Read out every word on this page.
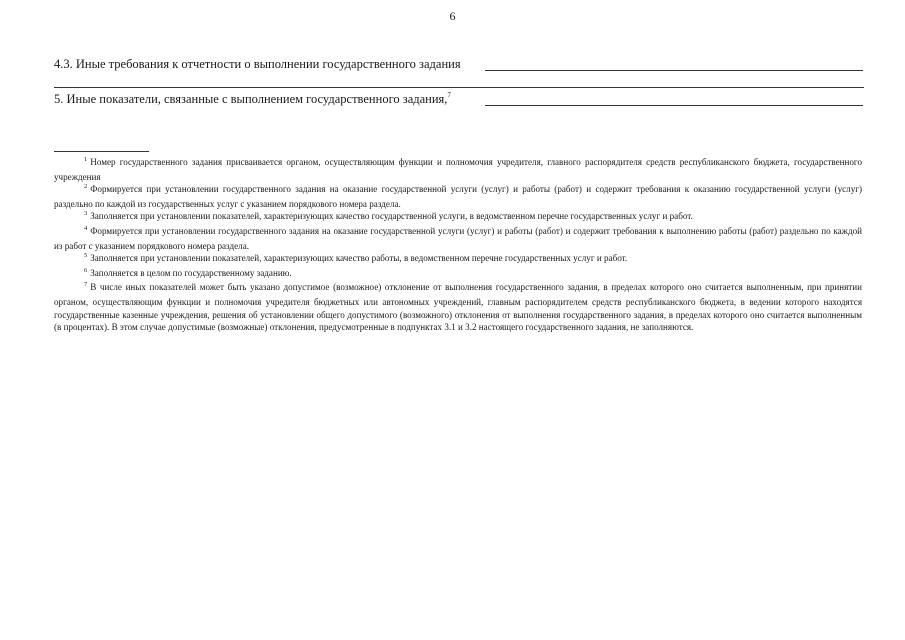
6
4.3. Иные требования к отчетности о выполнении государственного задания
5. Иные показатели, связанные с выполнением государственного задания,$^7$

$^1$ Номер государственного задания присваивается органом, осуществляющим функции и полномочия учредителя, главного распорядителя средств республиканского бюджета, государственного учреждения

$^2$ Формируется при установлении государственного задания на оказание государственной услуги (услуг) и работы (работ) и содержит требования к оказанию государственной услуги (услуг) раздельно по каждой из государственных услуг с указанием порядкового номера раздела.

$^3$ Заполняется при установлении показателей, характеризующих качество государственной услуги, в ведомственном перечне государственных услуг и работ.

$^4$ Формируется при установлении государственного задания на оказание государственной услуги (услуг) и работы (работ) и содержит требования к выполнению работы (работ) раздельно по каждой из работ с указанием порядкового номера раздела.

$^5$ Заполняется при установлении показателей, характеризующих качество работы, в ведомственном перечне государственных услуг и работ.

$^6$ Заполняется в целом по государственному заданию.

$^7$ В числе иных показателей может быть указано допустимое (возможное) отклонение от выполнения государственного задания, в пределах которого оно считается выполненным, при принятии органом, осуществляющим функции и полномочия учредителя бюджетных или автономных учреждений, главным распорядителем средств республиканского бюджета, в ведении которого находятся государственные казенные учреждения, решения об установлении общего допустимого (возможного) отклонения от выполнения государственного задания, в пределах которого оно считается выполненным (в процентах). В этом случае допустимые (возможные) отклонения, предусмотренные в подпунктах 3.1 и 3.2 настоящего государственного задания, не заполняются.
